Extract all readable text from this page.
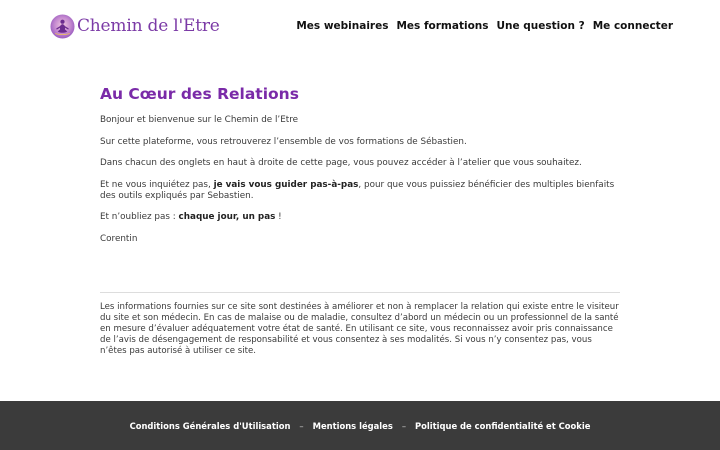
Chemin de l'Etre	Mes webinaires Mes formations Une question ? Me connecter
Au Cœur des Relations

Bonjour et bienvenue sur le Chemin de l’Etre

Sur cette plateforme, vous retrouverez l’ensemble de vos formations de Sébastien.

Dans chacun des onglets en haut à droite de cette page, vous pouvez accéder à l’atelier que vous souhaitez.

Et ne vous inquiétez pas, je vais vous guider pas-à-pas, pour que vous puissiez bénéficier des multiples bienfaits des outils expliqués par Sebastien.

Et n’oubliez pas : chaque jour, un pas !

Corentin

Les informations fournies sur ce site sont destinées à améliorer et non à remplacer la relation qui existe entre le visiteur du site et son médecin. En cas de malaise ou de maladie, consultez d’abord un médecin ou un professionnel de la santé en mesure d’évaluer adéquatement votre état de santé. En utilisant ce site, vous reconnaissez avoir pris connaissance de l’avis de désengagement de responsabilité et vous consentez à ses modalités. Si vous n’y consentez pas, vous n’êtes pas autorisé à utiliser ce site.

Conditions Générales d'Utilisation – Mentions légales – Politique de confidentialité et Cookie
